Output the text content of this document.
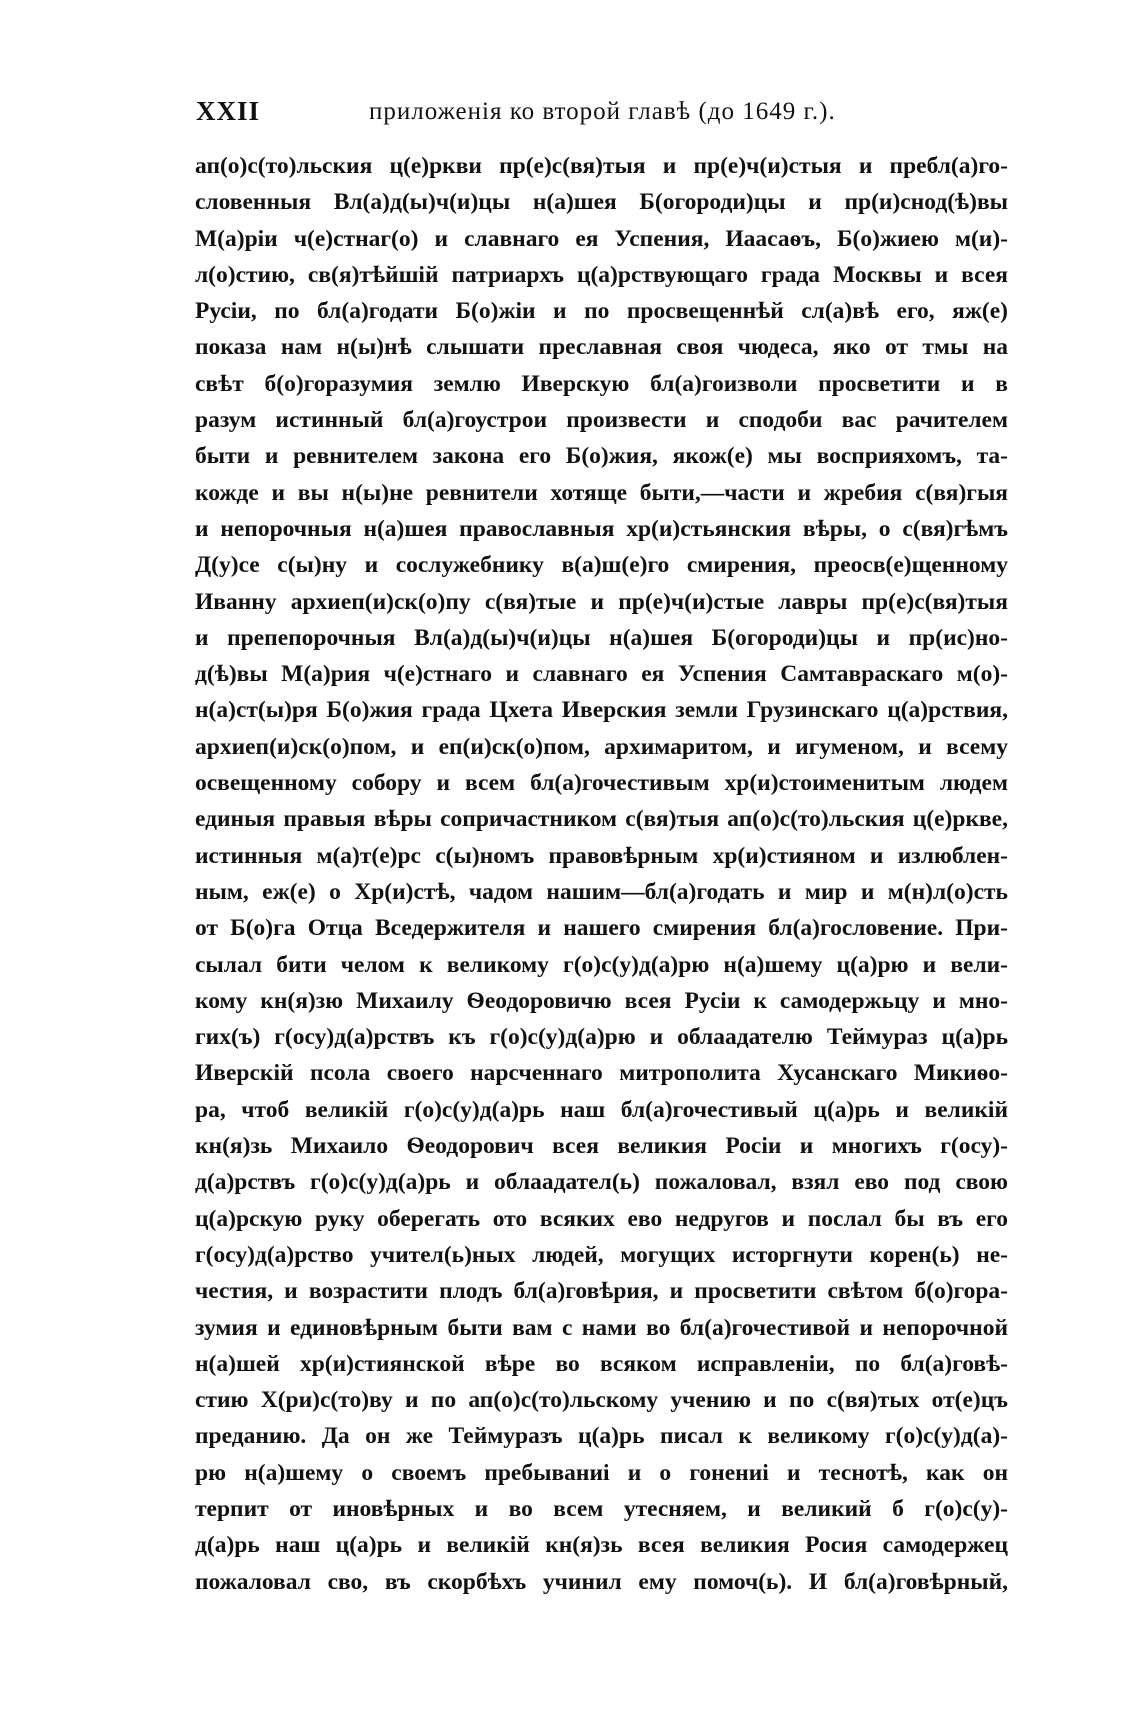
XXII	приложенія ко второй главѣ (до 1649 г.).
ап(о)с(то)льския ц(е)ркви пр(е)с(вя)тыя и пр(е)ч(и)стыя и пребл(а)го-
словенныя Вл(а)д(ы)ч(и)цы н(а)шея Б(огороди)цы и пр(и)снод(ѣ)вы
М(а)рiи ч(е)стнаг(о) и славнаго ея Успения, Иаасаѳъ, Б(о)жиею м(и)-
л(о)стию, св(я)тѣйшiй патриархъ ц(а)рствующаго града Москвы и всея
Русiи, по бл(а)годати Б(о)жiи и по просвещеннѣй сл(а)вѣ его, яж(е)
показа нам н(ы)нѣ слышати преславная своя чюдеса, яко от тмы на
свѣт б(о)горазумия землю Иверскую бл(а)гоизволи просветити и в
разум истинный бл(а)гоустрои произвести и сподоби вас рачителем
быти и ревнителем закона его Б(о)жия, якож(е) мы восприяхомъ, та-
кожде и вы н(ы)не ревнители хотяще быти,—части и жребия с(вя)гыя
и непорочныя н(а)шея православныя хр(и)стьянския вѣры, о с(вя)гѣмъ
Д(у)се с(ы)ну и сослужебнику в(а)ш(е)го смирения, преосв(е)щенному
Иванну архиеп(и)ск(о)пу с(вя)тые и пр(е)ч(и)стые лавры пр(е)с(вя)тыя
и препепорочныя Вл(а)д(ы)ч(и)цы н(а)шея Б(огороди)цы и пр(ис)но-
д(ѣ)вы М(а)рия ч(е)стнаго и славнаго ея Успения Самтавраскаго м(о)-
н(а)ст(ы)ря Б(о)жия града Цхета Иверския земли Грузинскаго ц(а)рствия,
архиеп(и)ск(о)пом, и еп(и)ск(о)пом, архимаритом, и игуменом, и всему
освещенному собору и всем бл(а)гочестивым хр(и)стоименитым людем
единыя правыя вѣры сопричастником с(вя)тыя ап(о)с(то)льския ц(е)ркве,
истинныя м(а)т(е)рс с(ы)номъ правовѣрным хр(и)стияном и излюблен-
ным, еж(е) о Хр(и)стѣ, чадом нашим—бл(а)годать и мир и м(н)л(о)сть
от Б(о)га Отца Вседержителя и нашего смирения бл(а)гословение. При-
сылал бити челом к великому г(о)с(у)д(а)рю н(а)шему ц(а)рю и вели-
кому кн(я)зю Михаилу Ѳеодоровичю всея Русiи к самодержьцу и мно-
гих(ъ) г(осу)д(а)рствъ къ г(о)с(у)д(а)рю и облаадателю Теймураз ц(а)рь
Иверскiй псола своего нарсченнаго митрополита Хусанскаго Микиѳо-
ра, чтоб великiй г(о)с(у)д(а)рь наш бл(а)гочестивый ц(а)рь и великiй
кн(я)зь Михаило Ѳеодорович всея великия Росiи и многихъ г(осу)-
д(а)рствъ г(о)с(у)д(а)рь и облаадател(ь) пожаловал, взял ево под свою
ц(а)рскую руку оберегать ото всяких ево недругов и послал бы въ его
г(осу)д(а)рство учител(ь)ных людей, могущих исторгнути корен(ь) не-
честия, и возрастити плодъ бл(а)говѣрия, и просветити свѣтом б(о)гора-
зумия и единовѣрным быти вам с нами во бл(а)гочестивой и непорочной
н(а)шей хр(и)стиянской вѣре во всяком исправленiи, по бл(а)говѣ-
стию Х(ри)с(то)ву и по ап(о)с(то)льскому учению и по с(вя)тых от(е)цъ
преданию. Да он же Теймуразъ ц(а)рь писал к великому г(о)с(у)д(а)-
рю н(а)шему о своемъ пребываниi и о гонениi и теснотѣ, как он
терпит от иновѣрных и во всем утесняем, и великий б г(о)с(у)-
д(а)рь наш ц(а)рь и великiй кн(я)зь всея великия Росия самодержец
пожаловал сво, въ скорбѣхъ учинил ему помоч(ь). И бл(а)говѣрный,
